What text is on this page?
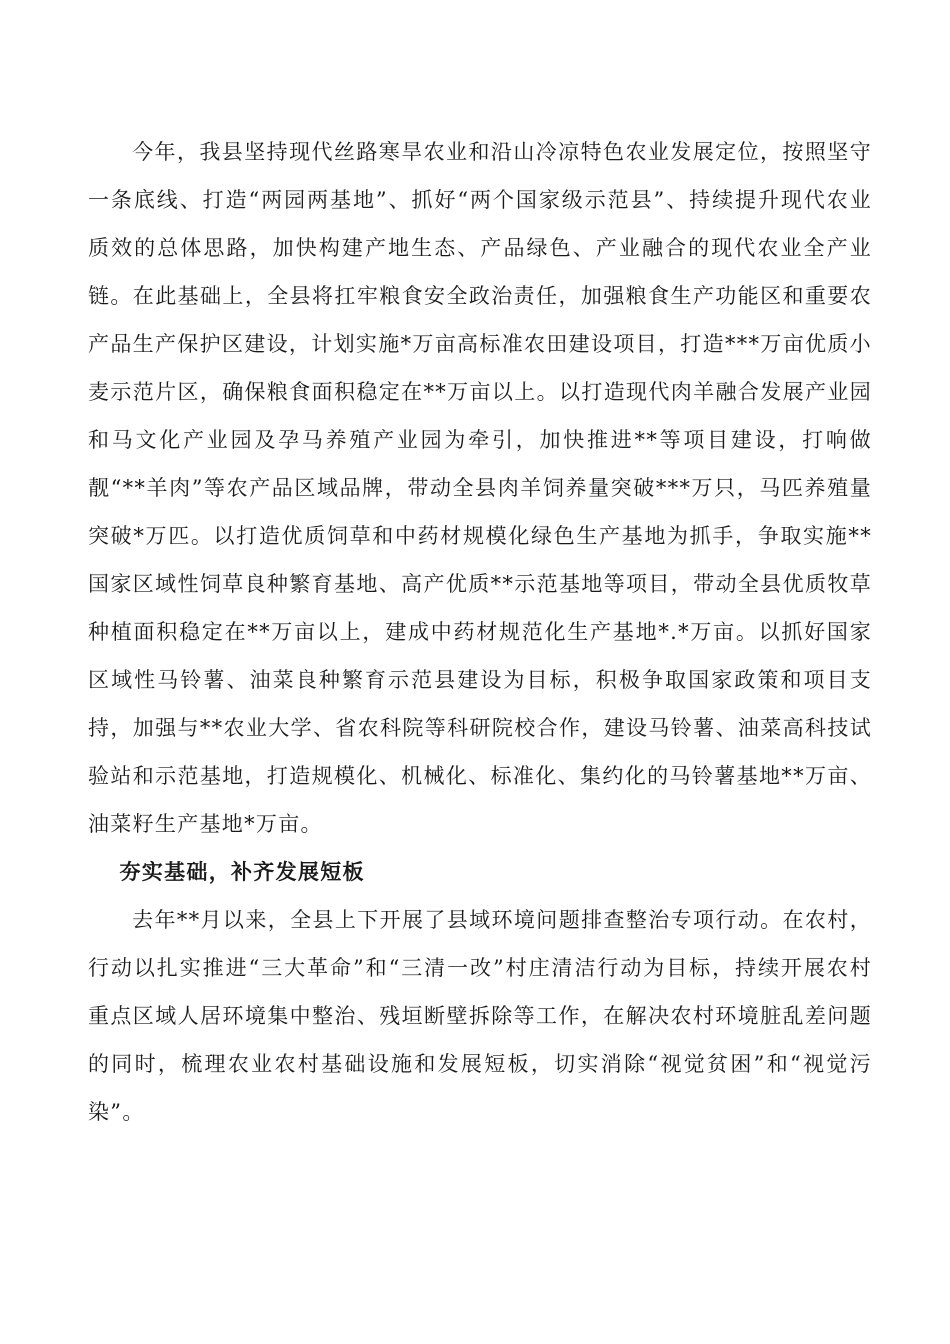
今年，我县坚持现代丝路寒旱农业和沿山冷凉特色农业发展定位，按照坚守一条底线、打造“两园两基地”、抓好“两个国家级示范县”、持续提升现代农业质效的总体思路，加快构建产地生态、产品绿色、产业融合的现代农业全产业链。在此基础上，全县将扛牢粮食安全政治责任，加强粮食生产功能区和重要农产品生产保护区建设，计划实施*万亩高标准农田建设项目，打造***万亩优质小麦示范片区，确保粮食面积稳定在**万亩以上。以打造现代肉羊融合发展产业园和马文化产业园及孕马养殖产业园为牵引，加快推进**等项目建设，打响做靓“**羊肉”等农产品区域品牌，带动全县肉羊饲养量突破***万只，马匹养殖量突破*万匹。以打造优质饲草和中药材规模化绿色生产基地为抓手，争取实施**国家区域性饲草良种繁育基地、高产优质**示范基地等项目，带动全县优质牧草种植面积稳定在**万亩以上，建成中药材规范化生产基地*.*万亩。以抓好国家区域性马铃薯、油菜良种繁育示范县建设为目标，积极争取国家政策和项目支持，加强与**农业大学、省农科院等科研院校合作，建设马铃薯、油菜高科技试验站和示范基地，打造规模化、机械化、标准化、集约化的马铃薯基地**万亩、油菜籽生产基地*万亩。

夯实基础，补齐发展短板

去年**月以来，全县上下开展了县域环境问题排查整治专项行动。在农村，行动以扎实推进“三大革命”和“三清一改”村庄清洁行动为目标，持续开展农村重点区域人居环境集中整治、残垣断壁拆除等工作，在解决农村环境脏乱差问题的同时，梳理农业农村基础设施和发展短板，切实消除“视觉贫困”和“视觉污染”。
